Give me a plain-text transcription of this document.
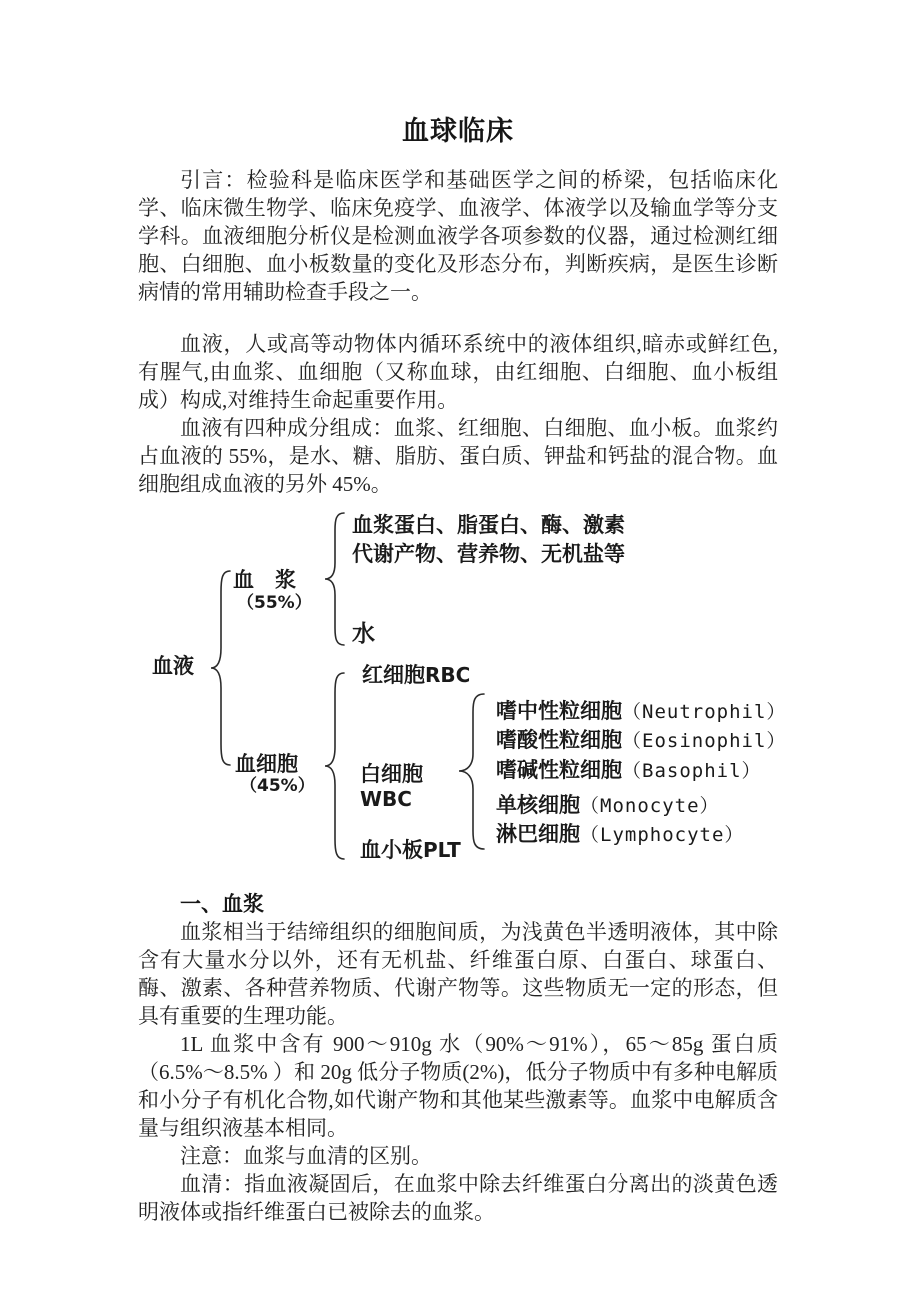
血球临床

引言：检验科是临床医学和基础医学之间的桥梁，包括临床化学、临床微生物学、临床免疫学、血液学、体液学以及输血学等分支学科。血液细胞分析仪是检测血液学各项参数的仪器，通过检测红细胞、白细胞、血小板数量的变化及形态分布，判断疾病，是医生诊断病情的常用辅助检查手段之一。

血液，人或高等动物体内循环系统中的液体组织,暗赤或鲜红色,有腥气,由血浆、血细胞（又称血球，由红细胞、白细胞、血小板组成）构成,对维持生命起重要作用。

血液有四种成分组成：血浆、红细胞、白细胞、血小板。血浆约占血液的 55%，是水、糖、脂肪、蛋白质、钾盐和钙盐的混合物。血细胞组成血液的另外 45%。

血液
血　浆
（55%）
血浆蛋白、脂蛋白、酶、激素
代谢产物、营养物、无机盐等
水
血细胞
（45%）
红细胞RBC
白细胞
WBC
血小板PLT
嗜中性粒细胞（Neutrophil）
嗜酸性粒细胞（Eosinophil）
嗜碱性粒细胞（Basophil）
单核细胞（Monocyte）
淋巴细胞（Lymphocyte）
一、血浆

血浆相当于结缔组织的细胞间质，为浅黄色半透明液体，其中除含有大量水分以外，还有无机盐、纤维蛋白原、白蛋白、球蛋白、酶、激素、各种营养物质、代谢产物等。这些物质无一定的形态，但具有重要的生理功能。

1L 血浆中含有 900～910g 水（90%～91%），65～85g 蛋白质（6.5%～8.5% ）和 20g 低分子物质(2%)，低分子物质中有多种电解质和小分子有机化合物,如代谢产物和其他某些激素等。血浆中电解质含量与组织液基本相同。

注意：血浆与血清的区别。

血清：指血液凝固后，在血浆中除去纤维蛋白分离出的淡黄色透明液体或指纤维蛋白已被除去的血浆。
